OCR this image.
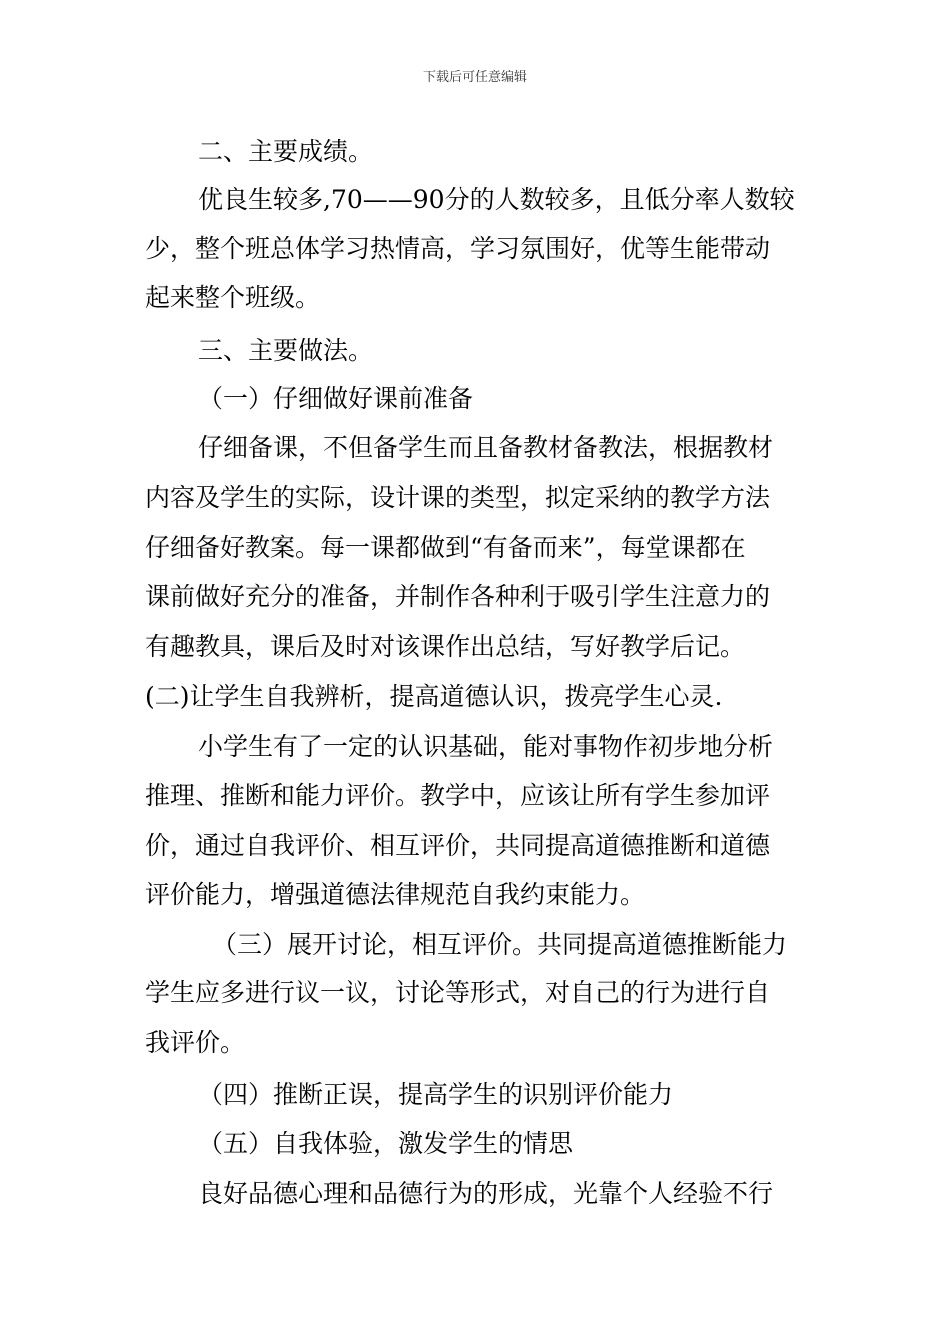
下载后可任意编辑

二、主要成绩。

优良生较多,70——90分的人数较多，且低分率人数较

少，整个班总体学习热情高，学习氛围好，优等生能带动

起来整个班级。

三、主要做法。

（一）仔细做好课前准备

仔细备课，不但备学生而且备教材备教法，根据教材

内容及学生的实际，设计课的类型，拟定采纳的教学方法

仔细备好教案。每一课都做到“有备而来”，每堂课都在

课前做好充分的准备，并制作各种利于吸引学生注意力的

有趣教具，课后及时对该课作出总结，写好教学后记。

(二)让学生自我辨析，提高道德认识，拨亮学生心灵.

小学生有了一定的认识基础，能对事物作初步地分析

推理、推断和能力评价。教学中，应该让所有学生参加评

价，通过自我评价、相互评价，共同提高道德推断和道德

评价能力，增强道德法律规范自我约束能力。

（三）展开讨论，相互评价。共同提高道德推断能力

学生应多进行议一议，讨论等形式，对自己的行为进行自

我评价。

（四）推断正误，提高学生的识别评价能力

（五）自我体验，激发学生的情思

良好品德心理和品德行为的形成，光靠个人经验不行
